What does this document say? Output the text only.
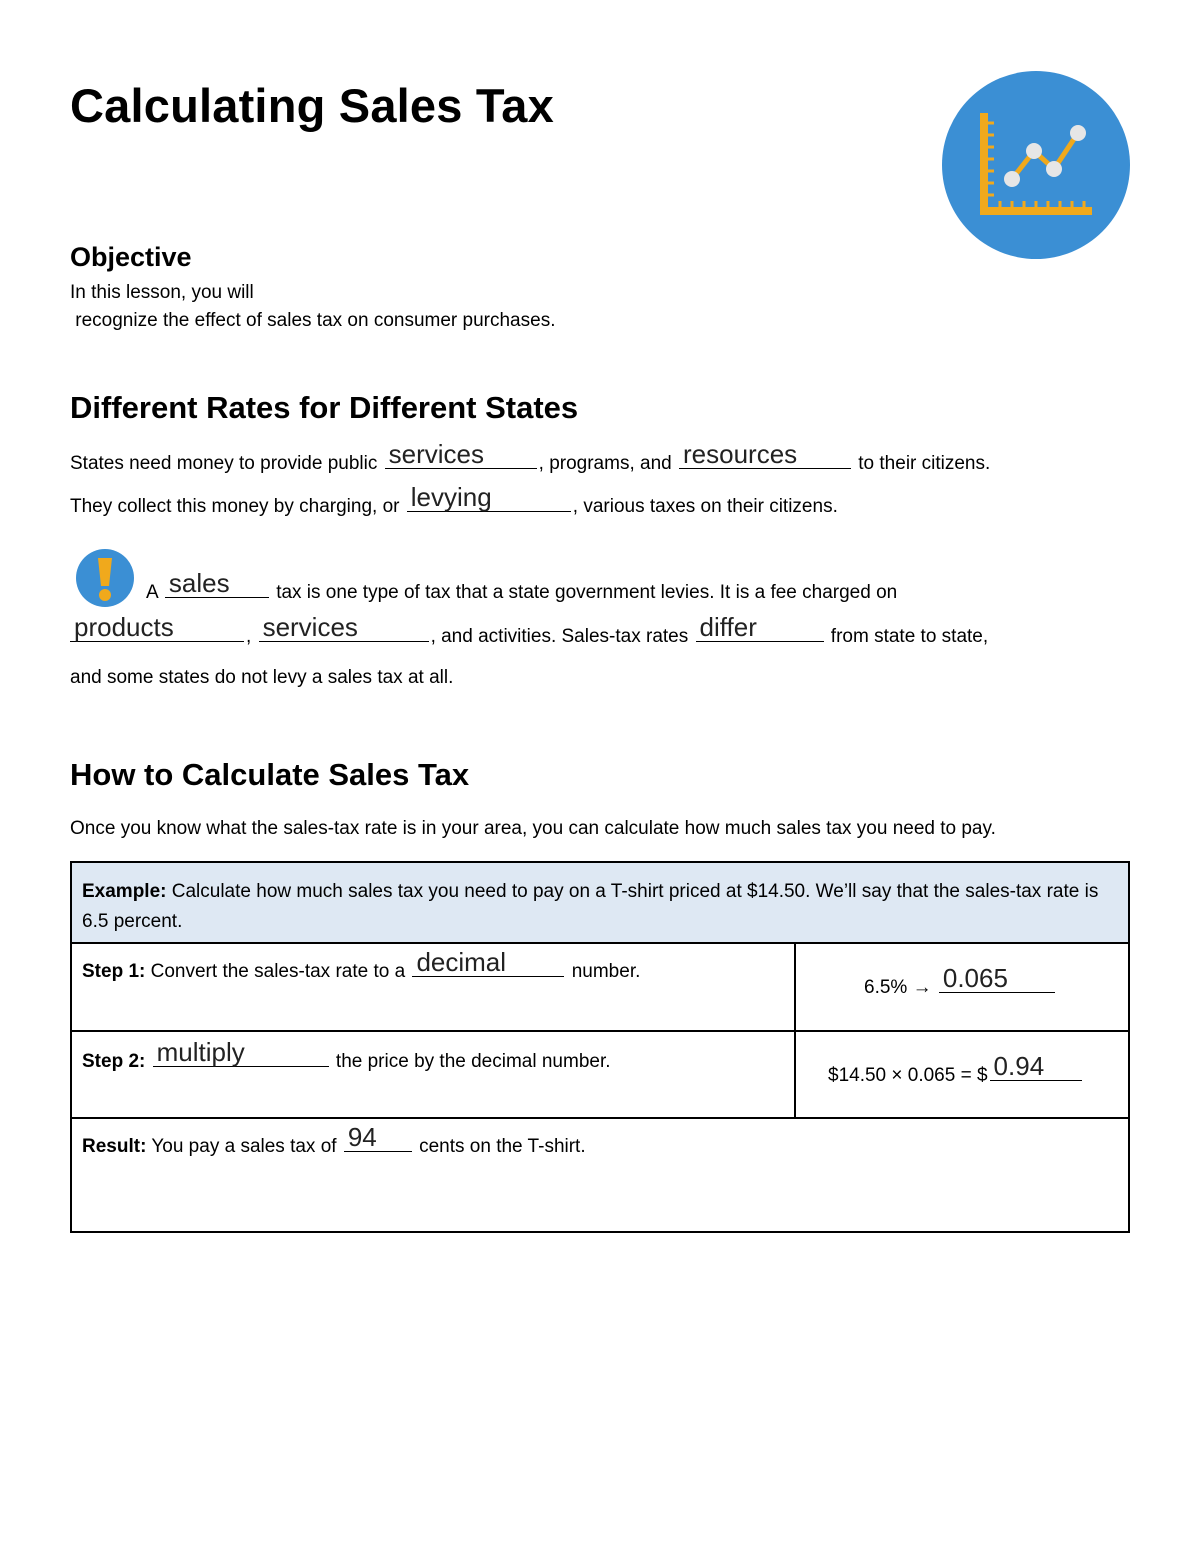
Calculating Sales Tax
Objective
In this lesson, you will
recognize the effect of sales tax on consumer purchases.
Different Rates for Different States
States need money to provide public services	, programs, and resources	to their citizens.
They collect this money by charging, or levying	, various taxes on their citizens.
A sales tax is one type of tax that a state government levies. It is a fee charged on
products	, services	, and activities. Sales-tax rates differ	from state to state,
and some states do not levy a sales tax at all.
How to Calculate Sales Tax
Once you know what the sales-tax rate is in your area, you can calculate how much sales tax you need to pay.
Example: Calculate how much sales tax you need to pay on a T-shirt priced at $14.50. We’ll say that the sales-tax rate is 6.5 percent.	

Step 1: Convert the sales-tax rate to a decimal number.	6.5% → 0.065

Step 2: multiply the price by the decimal number.	$14.50 × 0.065 = $ 0.94

Result: You pay a sales tax of 94 cents on the T-shirt.	
